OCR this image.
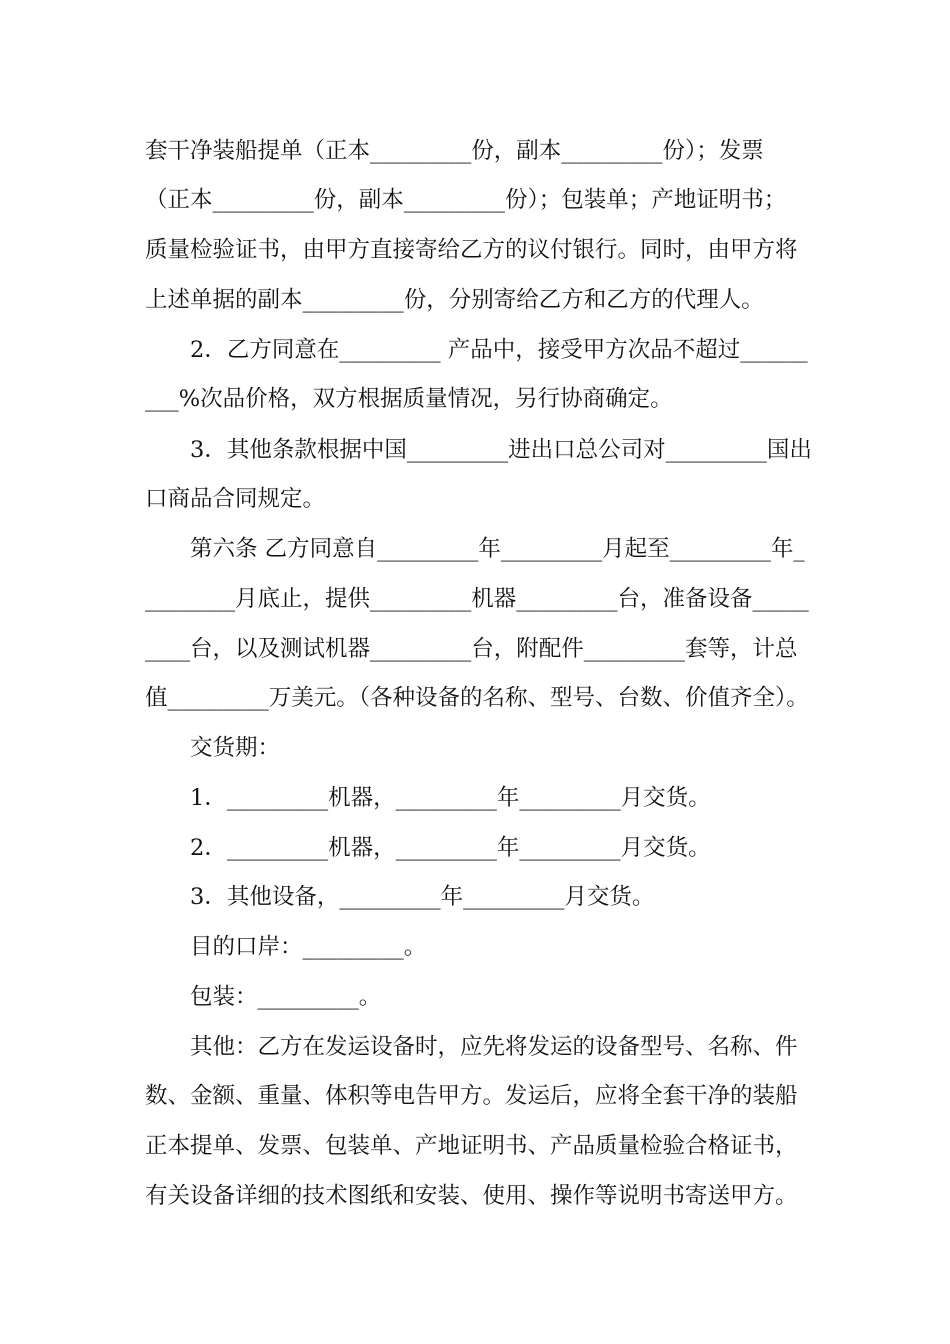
套干净装船提单（正本_________份，副本_________份）；发票
（正本_________份，副本_________份）；包装单；产地证明书；
质量检验证书，由甲方直接寄给乙方的议付银行。同时，由甲方将
上述单据的副本_________份，分别寄给乙方和乙方的代理人。
2．乙方同意在_________ 产品中，接受甲方次品不超过______
___%次品价格，双方根据质量情况，另行协商确定。
3．其他条款根据中国_________进出口总公司对_________国出
口商品合同规定。
第六条 乙方同意自_________年_________月起至_________年_
________月底止，提供_________机器_________台，准备设备_____
____台，以及测试机器_________台，附配件_________套等，计总
值_________万美元。（各种设备的名称、型号、台数、价值齐全）。
交货期：
1．_________机器，_________年_________月交货。
2．_________机器，_________年_________月交货。
3．其他设备，_________年_________月交货。
目的口岸：_________。
包装：_________。
其他：乙方在发运设备时，应先将发运的设备型号、名称、件
数、金额、重量、体积等电告甲方。发运后，应将全套干净的装船
正本提单、发票、包装单、产地证明书、产品质量检验合格证书，
有关设备详细的技术图纸和安装、使用、操作等说明书寄送甲方。
